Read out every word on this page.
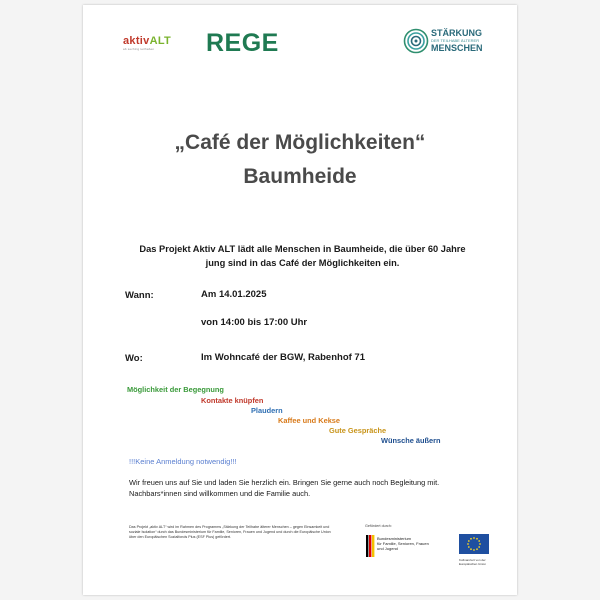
aktivALT
ab sechzig teilhaben	REGE	STÄRKUNG
DER TEILHABE ÄLTERER
MENSCHEN
„Café der Möglichkeiten“
Baumheide
Das Projekt Aktiv ALT lädt alle Menschen in Baumheide, die über 60 Jahre jung sind in das Café der Möglichkeiten ein.
Wann:	Am 14.01.2025
von 14:00 bis 17:00 Uhr
Wo:	Im Wohncafé der BGW, Rabenhof 71
Möglichkeit der Begegnung
Kontakte knüpfen
Plaudern
Kaffee und Kekse
Gute Gespräche
Wünsche äußern
!!!Keine Anmeldung notwendig!!!
Wir freuen uns auf Sie und laden Sie herzlich ein. Bringen Sie gerne auch noch Begleitung mit. Nachbars*innen sind willkommen und die Familie auch.
Das Projekt „aktiv ALT“ wird im Rahmen des Programms „Stärkung der Teilhabe älterer Menschen – gegen Einsamkeit und soziale Isolation“ durch das Bundesministerium für Familie, Senioren, Frauen und Jugend und durch die Europäische Union über den Europäischen Sozialfonds Plus (ESF Plus) gefördert.
Gefördert durch:
Bundesministerium
für Familie, Senioren, Frauen
und Jugend
Kofinanziert von der
Europäischen Union
